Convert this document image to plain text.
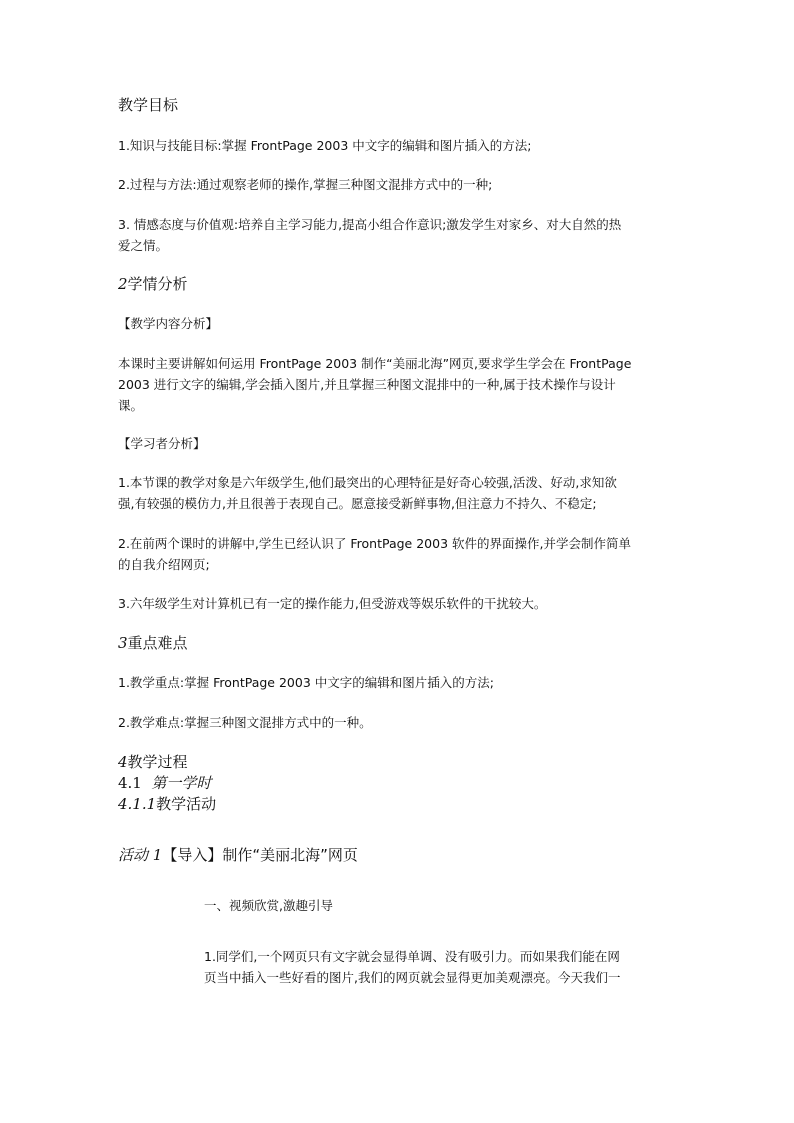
教学目标
1.知识与技能目标:掌握 FrontPage 2003 中文字的编辑和图片插入的方法;
2.过程与方法:通过观察老师的操作,掌握三种图文混排方式中的一种;
3. 情感态度与价值观:培养自主学习能力,提高小组合作意识;激发学生对家乡、对大自然的热
爱之情。
2学情分析
【教学内容分析】
本课时主要讲解如何运用 FrontPage 2003 制作“美丽北海”网页,要求学生学会在 FrontPage
2003 进行文字的编辑,学会插入图片,并且掌握三种图文混排中的一种,属于技术操作与设计
课。
【学习者分析】
1.本节课的教学对象是六年级学生,他们最突出的心理特征是好奇心较强,活泼、好动,求知欲
强,有较强的模仿力,并且很善于表现自己。愿意接受新鲜事物,但注意力不持久、不稳定;
2.在前两个课时的讲解中,学生已经认识了 FrontPage 2003 软件的界面操作,并学会制作简单
的自我介绍网页;
3.六年级学生对计算机已有一定的操作能力,但受游戏等娱乐软件的干扰较大。
3重点难点
1.教学重点:掌握 FrontPage 2003 中文字的编辑和图片插入的方法;
2.教学难点:掌握三种图文混排方式中的一种。
4教学过程
4.1 第一学时
4.1.1教学活动
活动 1【导入】制作“美丽北海”网页
一、视频欣赏,激趣引导
1.同学们,一个网页只有文字就会显得单调、没有吸引力。而如果我们能在网
页当中插入一些好看的图片,我们的网页就会显得更加美观漂亮。今天我们一
